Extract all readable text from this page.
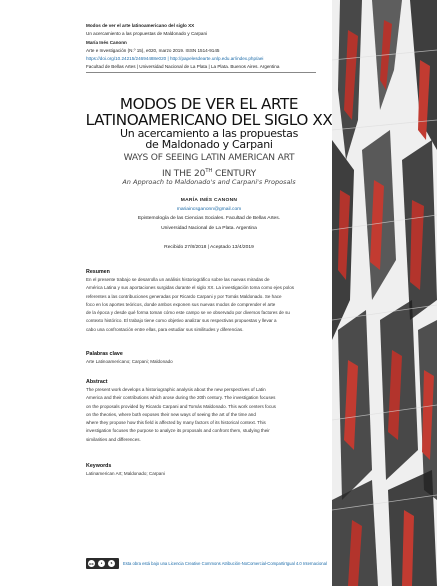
Modos de ver el arte latinoamericano del siglo XX
Un acercamiento a las propuestas de Maldonado y Carpani
María Inés Canonn
Arte e Investigación (N.º 15), e020, marzo 2019. ISSN 1514-9145
https://doi.org/10.24215/24694488e020 | http://papelesdearte.unlp.edu.ar/index.php/aei
Facultad de Bellas Artes | Universidad Nacional de La Plata | La Plata. Buenos Aires. Argentina
MODOS DE VER EL ARTE
LATINOAMERICANO DEL SIGLO XX
Un acercamiento a las propuestas
de Maldonado y Carpani
WAYS OF SEEING LATIN AMERICAN ART
IN THE 20TH CENTURY
An Approach to Maldonado's and Carpani's Proposals
MARÍA INÉS CANONN
mariaincsganonn@gmail.com
Epistemología de las Ciencias Sociales. Facultad de Bellas Artes.
Universidad Nacional de La Plata. Argentina
Recibido 27/8/2018 | Aceptado 13/4/2019
Resumen
En el presente trabajo se desarrolla un análisis historiográfico sobre las nuevas miradas de
América Latina y sus aportaciones surgidas durante el siglo XX. La investigación toma como ejes polos
referentes a las contribuciones generadas por Ricardo Carpani y por Tomás Maldonado. Se hace
foco en los aportes teóricos, donde ambos exponen sus nuevas modos de comprender el arte
de la época y desde qué forma toman cómo este campo se ve observado por diversos factores de su
contexto histórico. El trabajo tiene como objetivo analizar sus respectivas propuestas y llevar a
cabo una confrontación entre ellas, para estudiar sus similitudes y diferencias.
Palabras clave
Arte Latinoamericano; Carpani; Maldonado
Abstract
The present work develops a historiographic analysis about the new perspectives of Latin
America and their contributions which arose during the 20th century. The investigation focuses
on the proposals provided by Ricardo Carpani and Tomás Maldonado. This work centers focus
on the theories, where both exposes their new ways of seeing the art of the time and
where they propose how this field is affected by many factors of its historical context. This
investigation focuses the purpose to analyze its proposals and confront them, studying their
similarities and differences.
Keywords
Latinamerican Art; Maldonado; Carpani
cc	●	$	Esta obra está bajo una Licencia Creative Commons Atribución-NoComercial-CompartirIgual 4.0 Internacional
